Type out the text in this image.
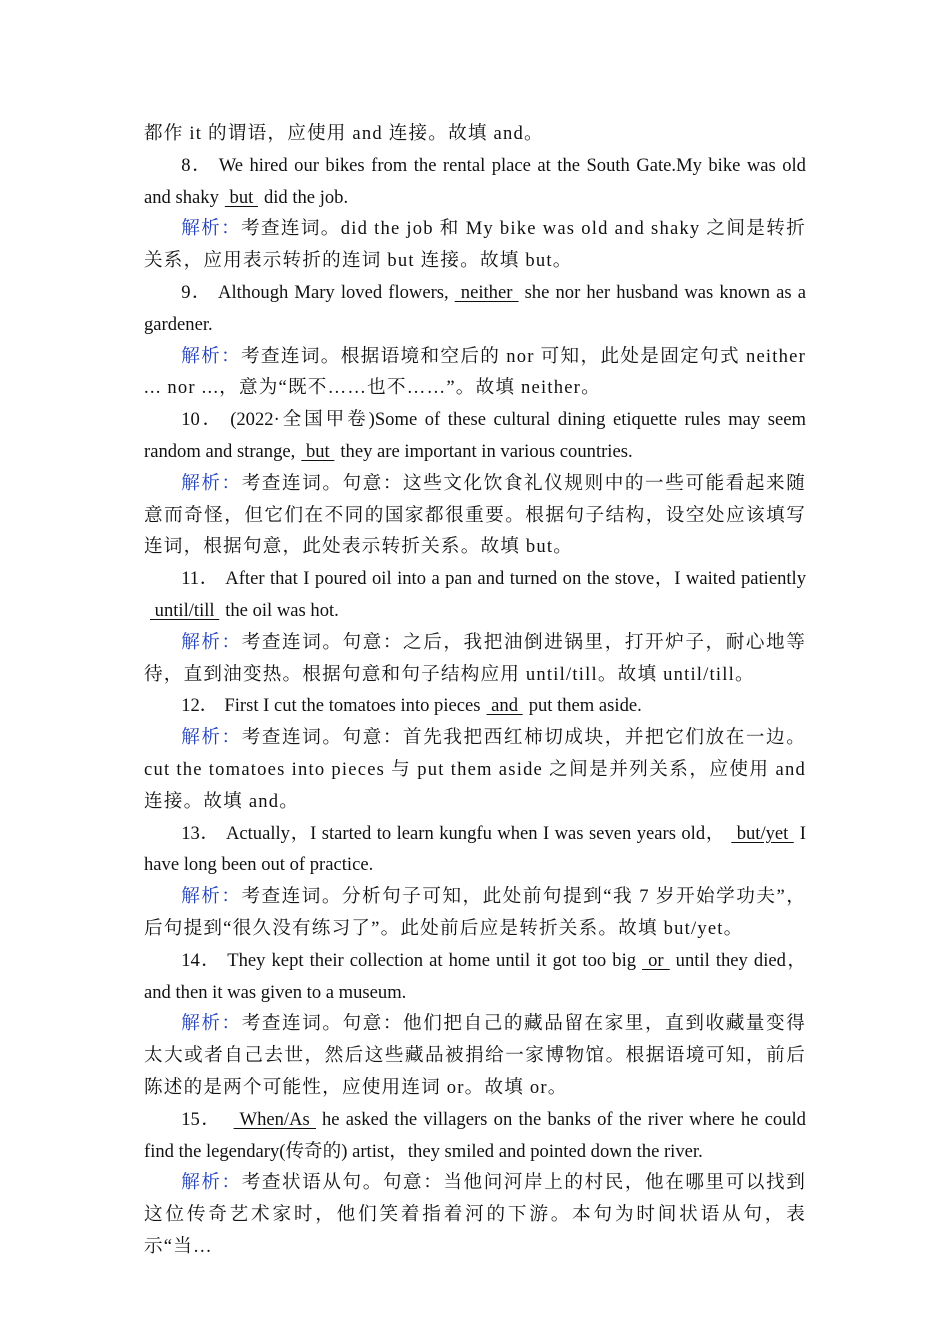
都作 it 的谓语，应使用 and 连接。故填 and。

8． We hired our bikes from the rental place at the South Gate.My bike was old and shaky but did the job.

解析：考查连词。did the job 和 My bike was old and shaky 之间是转折关系，应用表示转折的连词 but 连接。故填 but。

9． Although Mary loved flowers, neither she nor her husband was known as a gardener.

解析：考查连词。根据语境和空后的 nor 可知，此处是固定句式 neither ... nor ...，意为“既不……也不……”。故填 neither。

10． (2022·全国甲卷)Some of these cultural dining etiquette rules may seem random and strange, but they are important in various countries.

解析：考查连词。句意：这些文化饮食礼仪规则中的一些可能看起来随意而奇怪，但它们在不同的国家都很重要。根据句子结构，设空处应该填写连词，根据句意，此处表示转折关系。故填 but。

11． After that I poured oil into a pan and turned on the stove，I waited patiently until/till the oil was hot.

解析：考查连词。句意：之后，我把油倒进锅里，打开炉子，耐心地等待，直到油变热。根据句意和句子结构应用 until/till。故填 until/till。

12． First I cut the tomatoes into pieces and put them aside.

解析：考查连词。句意：首先我把西红柿切成块，并把它们放在一边。cut the tomatoes into pieces 与 put them aside 之间是并列关系，应使用 and 连接。故填 and。

13． Actually，I started to learn kungfu when I was seven years old， but/yet I have long been out of practice.

解析：考查连词。分析句子可知，此处前句提到“我 7 岁开始学功夫”，后句提到“很久没有练习了”。此处前后应是转折关系。故填 but/yet。

14． They kept their collection at home until it got too big or until they died，and then it was given to a museum.

解析：考查连词。句意：他们把自己的藏品留在家里，直到收藏量变得太大或者自己去世，然后这些藏品被捐给一家博物馆。根据语境可知，前后陈述的是两个可能性，应使用连词 or。故填 or。

15． When/As he asked the villagers on the banks of the river where he could find the legendary(传奇的) artist，they smiled and pointed down the river.

解析：考查状语从句。句意：当他问河岸上的村民，他在哪里可以找到这位传奇艺术家时，他们笑着指着河的下游。本句为时间状语从句，表示“当…
